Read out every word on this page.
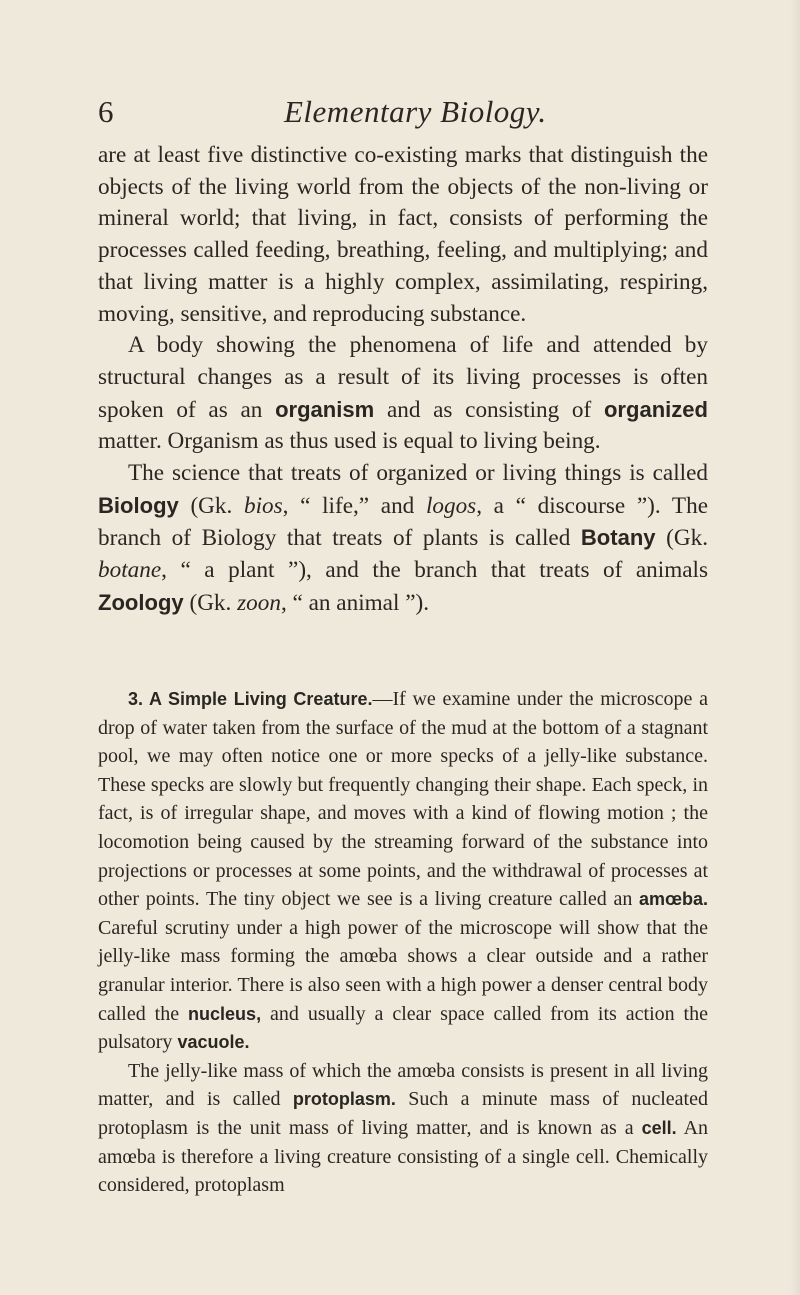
6	Elementary Biology.

are at least five distinctive co-existing marks that distinguish the objects of the living world from the objects of the non-living or mineral world; that living, in fact, consists of performing the processes called feeding, breathing, feeling, and multiplying; and that living matter is a highly complex, assimilating, respiring, moving, sensitive, and reproducing substance.

A body showing the phenomena of life and attended by structural changes as a result of its living processes is often spoken of as an organism and as consisting of organized matter. Organism as thus used is equal to living being.

The science that treats of organized or living things is called Biology (Gk. bios, “ life,” and logos, a “ discourse ”). The branch of Biology that treats of plants is called Botany (Gk. botane, “ a plant ”), and the branch that treats of animals Zoology (Gk. zoon, “ an animal ”).

3. A Simple Living Creature.—If we examine under the microscope a drop of water taken from the surface of the mud at the bottom of a stagnant pool, we may often notice one or more specks of a jelly-like substance. These specks are slowly but frequently changing their shape. Each speck, in fact, is of irregular shape, and moves with a kind of flowing motion ; the locomotion being caused by the streaming forward of the substance into projections or processes at some points, and the withdrawal of processes at other points. The tiny object we see is a living creature called an amœba. Careful scrutiny under a high power of the microscope will show that the jelly-like mass forming the amœba shows a clear outside and a rather granular interior. There is also seen with a high power a denser central body called the nucleus, and usually a clear space called from its action the pulsatory vacuole.

The jelly-like mass of which the amœba consists is present in all living matter, and is called protoplasm. Such a minute mass of nucleated protoplasm is the unit mass of living matter, and is known as a cell. An amœba is therefore a living creature consisting of a single cell. Chemically considered, protoplasm
